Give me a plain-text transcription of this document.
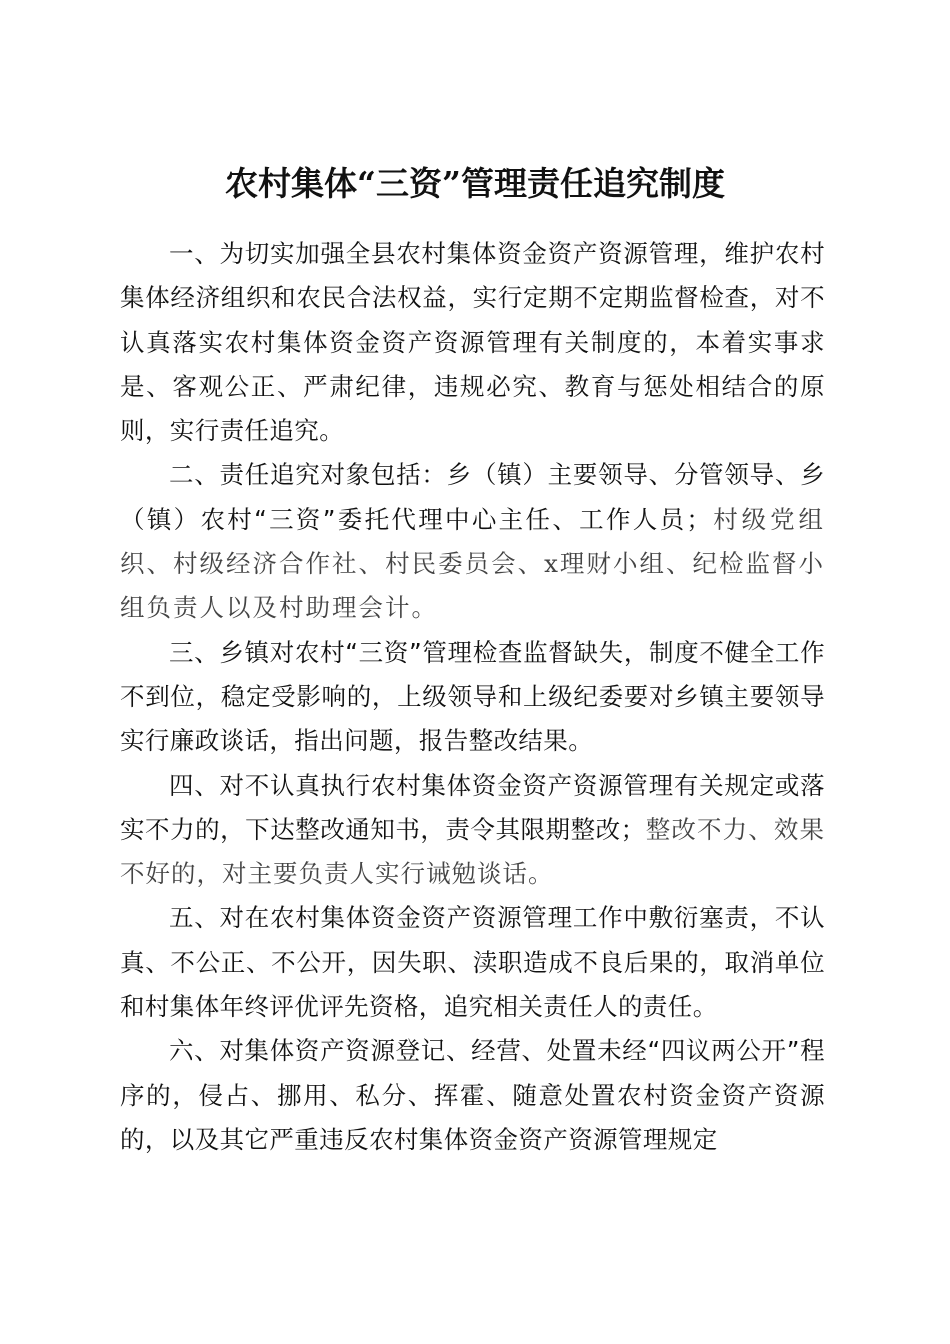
农村集体“三资”管理责任追究制度

一、为切实加强全县农村集体资金资产资源管理，维护农村集体经济组织和农民合法权益，实行定期不定期监督检查，对不认真落实农村集体资金资产资源管理有关制度的，本着实事求是、客观公正、严肃纪律，违规必究、教育与惩处相结合的原则，实行责任追究。

二、责任追究对象包括：乡（镇）主要领导、分管领导、乡（镇）农村“三资”委托代理中心主任、工作人员；村级党组织、村级经济合作社、村民委员会、x理财小组、纪检监督小组负责人以及村助理会计。

三、乡镇对农村“三资”管理检查监督缺失，制度不健全工作不到位，稳定受影响的，上级领导和上级纪委要对乡镇主要领导实行廉政谈话，指出问题，报告整改结果。

四、对不认真执行农村集体资金资产资源管理有关规定或落实不力的，下达整改通知书，责令其限期整改；整改不力、效果不好的，对主要负责人实行诫勉谈话。

五、对在农村集体资金资产资源管理工作中敷衍塞责，不认真、不公正、不公开，因失职、渎职造成不良后果的，取消单位和村集体年终评优评先资格，追究相关责任人的责任。

六、对集体资产资源登记、经营、处置未经“四议两公开”程序的，侵占、挪用、私分、挥霍、随意处置农村资金资产资源的，以及其它严重违反农村集体资金资产资源管理规定
